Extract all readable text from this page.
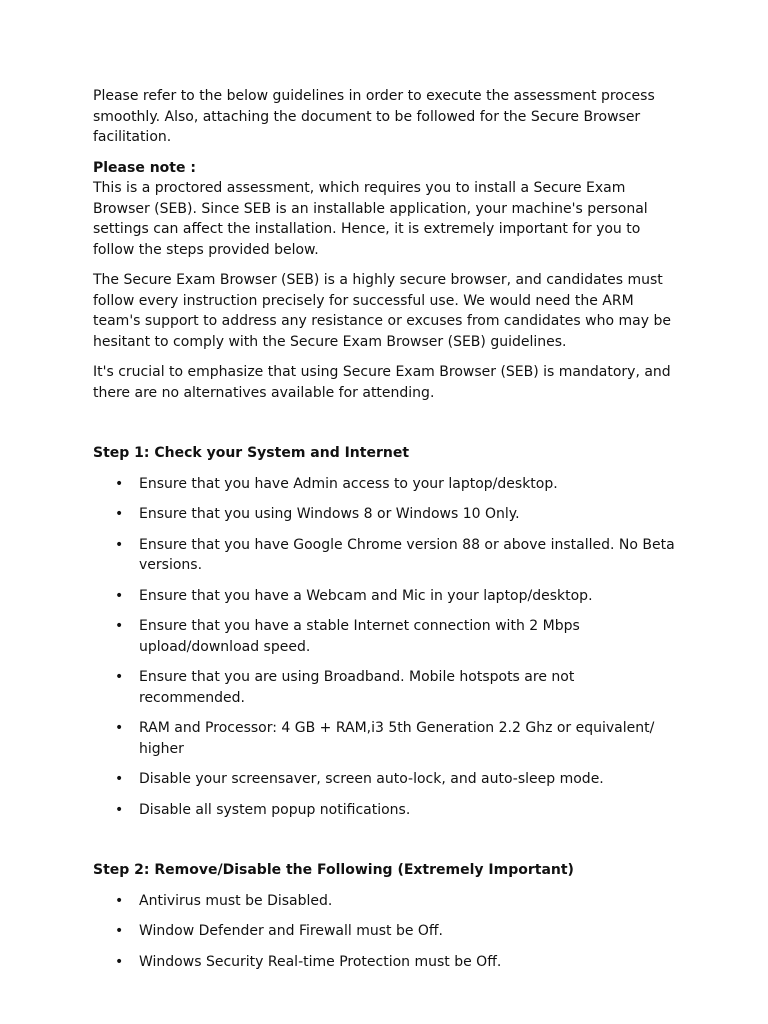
Please refer to the below guidelines in order to execute the assessment process smoothly. Also, attaching the document to be followed for the Secure Browser facilitation.

Please note :
This is a proctored assessment, which requires you to install a Secure Exam Browser (SEB). Since SEB is an installable application, your machine's personal settings can affect the installation. Hence, it is extremely important for you to follow the steps provided below.

The Secure Exam Browser (SEB) is a highly secure browser, and candidates must follow every instruction precisely for successful use. We would need the ARM team's support to address any resistance or excuses from candidates who may be hesitant to comply with the Secure Exam Browser (SEB) guidelines.

It's crucial to emphasize that using Secure Exam Browser (SEB) is mandatory, and there are no alternatives available for attending.

Step 1: Check your System and Internet
• Ensure that you have Admin access to your laptop/desktop.
• Ensure that you using Windows 8 or Windows 10 Only.
• Ensure that you have Google Chrome version 88 or above installed. No Beta versions.
• Ensure that you have a Webcam and Mic in your laptop/desktop.
• Ensure that you have a stable Internet connection with 2 Mbps upload/download speed.
• Ensure that you are using Broadband. Mobile hotspots are not recommended.
• RAM and Processor: 4 GB + RAM,i3 5th Generation 2.2 Ghz or equivalent/ higher
• Disable your screensaver, screen auto-lock, and auto-sleep mode.
• Disable all system popup notifications.
Step 2: Remove/Disable the Following (Extremely Important)
• Antivirus must be Disabled.
• Window Defender and Firewall must be Off.
• Windows Security Real-time Protection must be Off.
